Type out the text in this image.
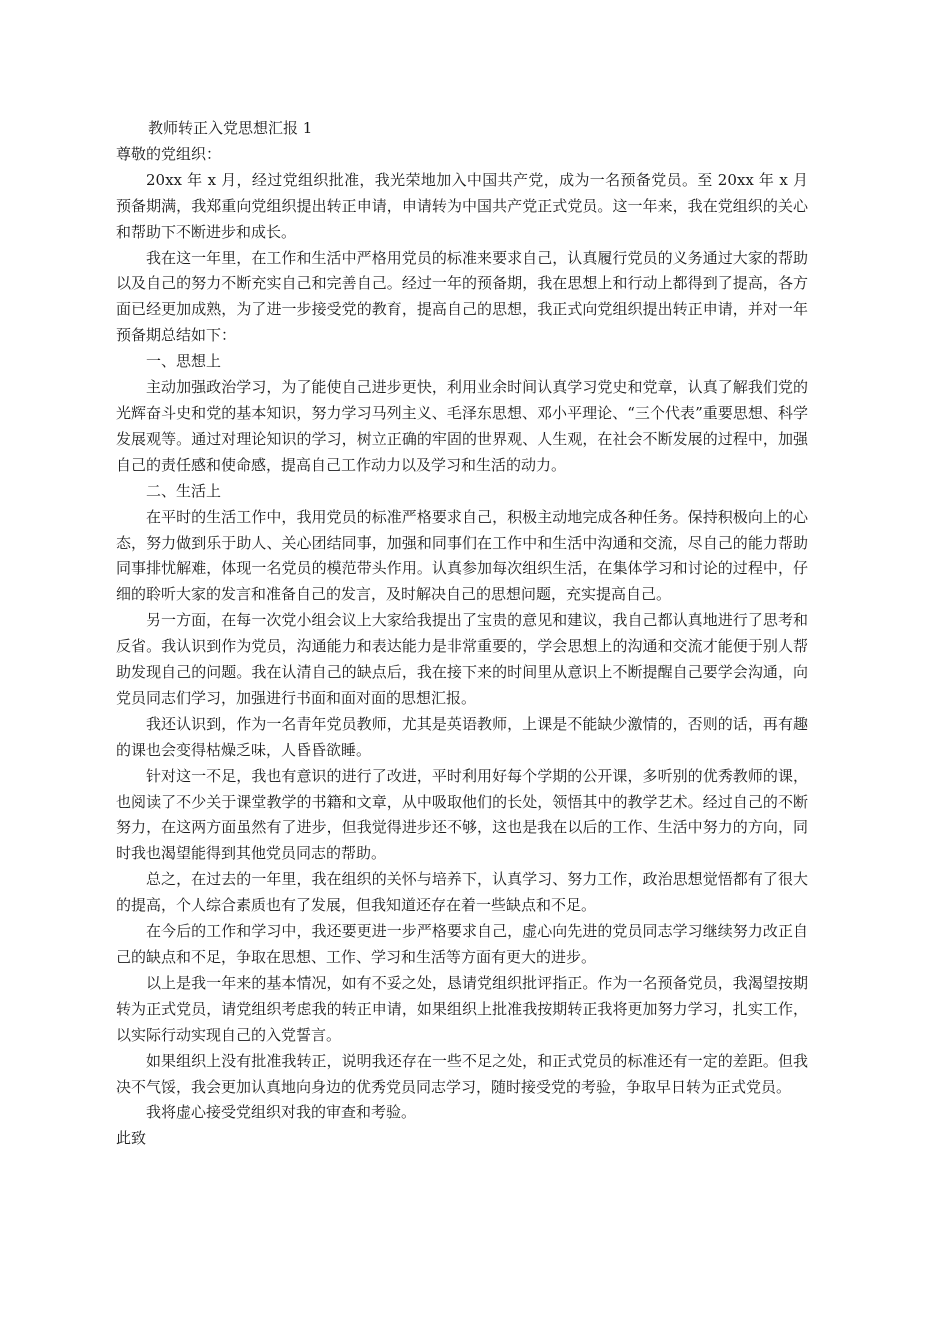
教师转正入党思想汇报 1

尊敬的党组织：

20xx 年 x 月，经过党组织批准，我光荣地加入中国共产党，成为一名预备党员。至 20xx 年 x 月预备期满，我郑重向党组织提出转正申请，申请转为中国共产党正式党员。这一年来，我在党组织的关心和帮助下不断进步和成长。

我在这一年里，在工作和生活中严格用党员的标准来要求自己，认真履行党员的义务通过大家的帮助以及自己的努力不断充实自己和完善自己。经过一年的预备期，我在思想上和行动上都得到了提高，各方面已经更加成熟，为了进一步接受党的教育，提高自己的思想，我正式向党组织提出转正申请，并对一年预备期总结如下：

一、思想上

主动加强政治学习，为了能使自己进步更快，利用业余时间认真学习党史和党章，认真了解我们党的光辉奋斗史和党的基本知识，努力学习马列主义、毛泽东思想、邓小平理论、“三个代表”重要思想、科学发展观等。通过对理论知识的学习，树立正确的牢固的世界观、人生观，在社会不断发展的过程中，加强自己的责任感和使命感，提高自己工作动力以及学习和生活的动力。

二、生活上

在平时的生活工作中，我用党员的标准严格要求自己，积极主动地完成各种任务。保持积极向上的心态，努力做到乐于助人、关心团结同事，加强和同事们在工作中和生活中沟通和交流，尽自己的能力帮助同事排忧解难，体现一名党员的模范带头作用。认真参加每次组织生活，在集体学习和讨论的过程中，仔细的聆听大家的发言和准备自己的发言，及时解决自己的思想问题，充实提高自己。

另一方面，在每一次党小组会议上大家给我提出了宝贵的意见和建议，我自己都认真地进行了思考和反省。我认识到作为党员，沟通能力和表达能力是非常重要的，学会思想上的沟通和交流才能便于别人帮助发现自己的问题。我在认清自己的缺点后，我在接下来的时间里从意识上不断提醒自己要学会沟通，向党员同志们学习，加强进行书面和面对面的思想汇报。

我还认识到，作为一名青年党员教师，尤其是英语教师，上课是不能缺少激情的，否则的话，再有趣的课也会变得枯燥乏味，人昏昏欲睡。

针对这一不足，我也有意识的进行了改进，平时利用好每个学期的公开课，多听别的优秀教师的课，也阅读了不少关于课堂教学的书籍和文章，从中吸取他们的长处，领悟其中的教学艺术。经过自己的不断努力，在这两方面虽然有了进步，但我觉得进步还不够，这也是我在以后的工作、生活中努力的方向，同时我也渴望能得到其他党员同志的帮助。

总之，在过去的一年里，我在组织的关怀与培养下，认真学习、努力工作，政治思想觉悟都有了很大的提高，个人综合素质也有了发展，但我知道还存在着一些缺点和不足。

在今后的工作和学习中，我还要更进一步严格要求自己，虚心向先进的党员同志学习继续努力改正自己的缺点和不足，争取在思想、工作、学习和生活等方面有更大的进步。

以上是我一年来的基本情况，如有不妥之处，恳请党组织批评指正。作为一名预备党员，我渴望按期转为正式党员，请党组织考虑我的转正申请，如果组织上批准我按期转正我将更加努力学习，扎实工作，以实际行动实现自己的入党誓言。

如果组织上没有批准我转正，说明我还存在一些不足之处，和正式党员的标准还有一定的差距。但我决不气馁，我会更加认真地向身边的优秀党员同志学习，随时接受党的考验，争取早日转为正式党员。

我将虚心接受党组织对我的审查和考验。

此致
